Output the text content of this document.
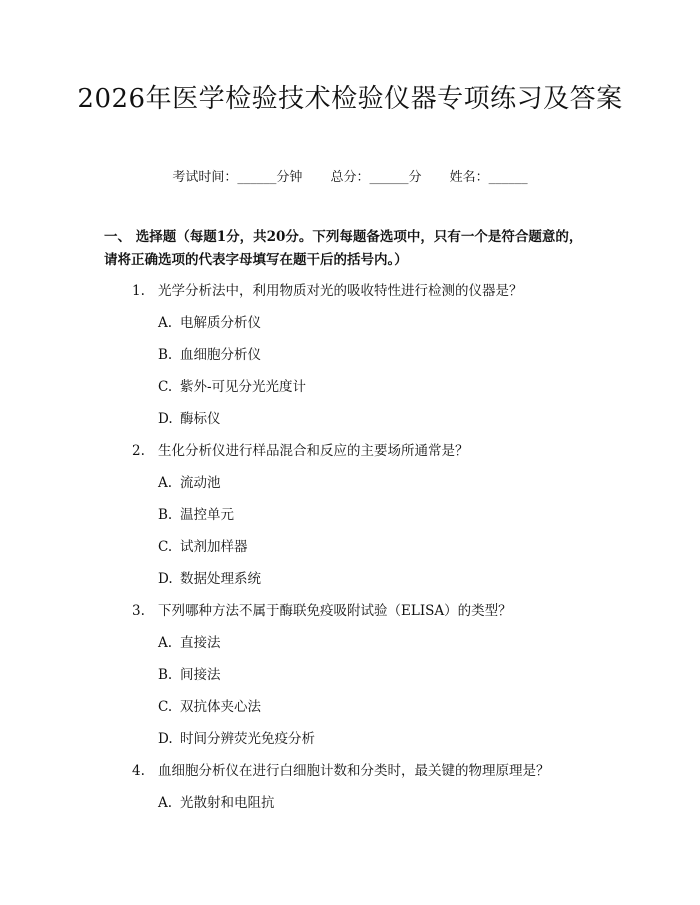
2026年医学检验技术检验仪器专项练习及答案
考试时间：______分钟 总分：______分 姓名：______
一、 选择题（每题1分，共20分。下列每题备选项中，只有一个是符合题意的，请将正确选项的代表字母填写在题干后的括号内。）
1. 光学分析法中，利用物质对光的吸收特性进行检测的仪器是？
A. 电解质分析仪
B. 血细胞分析仪
C. 紫外-可见分光光度计
D. 酶标仪
2. 生化分析仪进行样品混合和反应的主要场所通常是？
A. 流动池
B. 温控单元
C. 试剂加样器
D. 数据处理系统
3. 下列哪种方法不属于酶联免疫吸附试验（ELISA）的类型？
A. 直接法
B. 间接法
C. 双抗体夹心法
D. 时间分辨荧光免疫分析
4. 血细胞分析仪在进行白细胞计数和分类时，最关键的物理原理是？
A. 光散射和电阻抗
